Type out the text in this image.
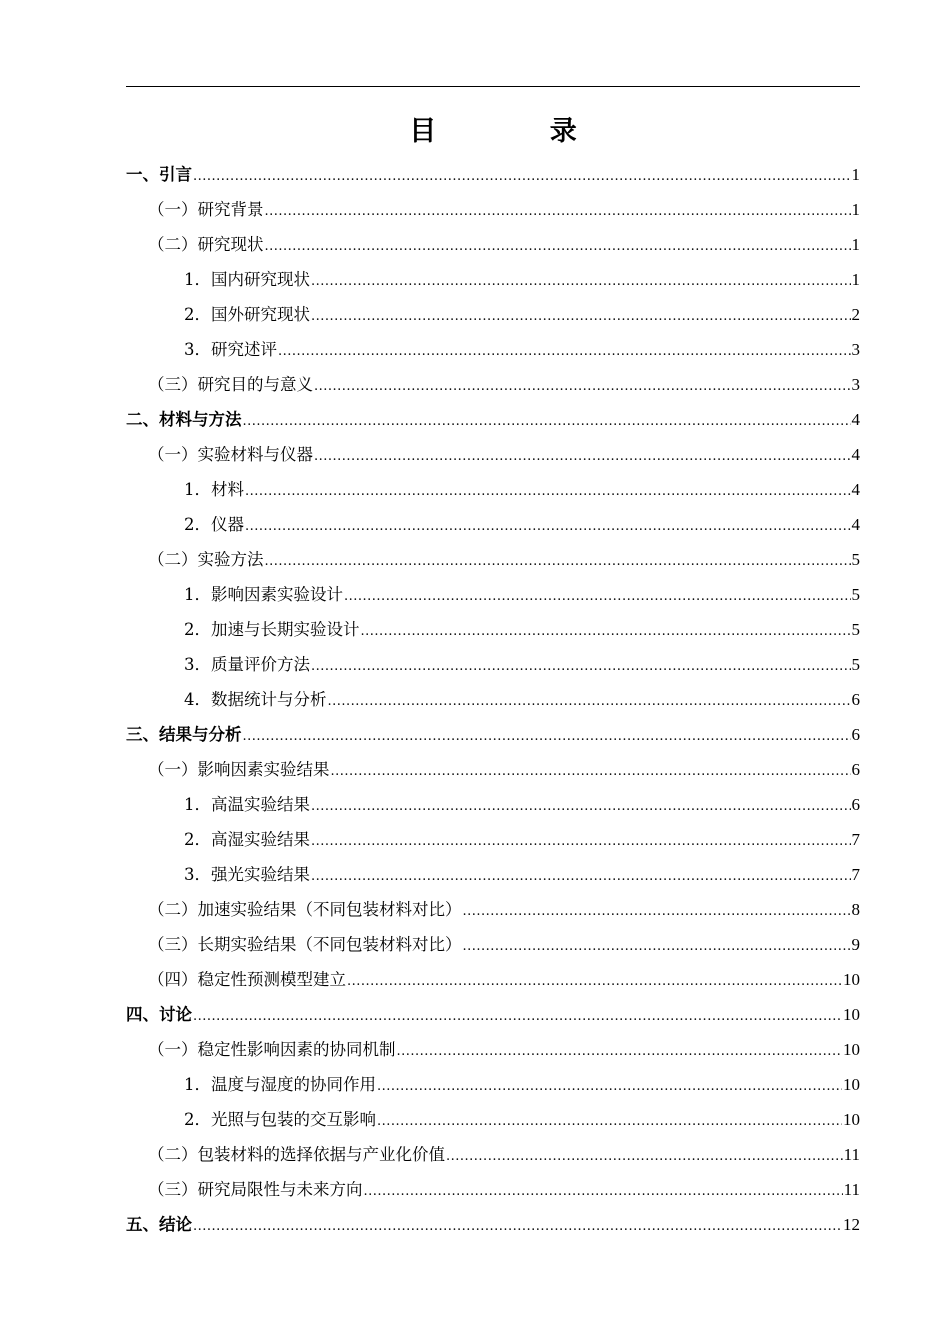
目 录
一、引言 .....	1
（一）研究背景 .....	1
（二）研究现状 .....	1
1．国内研究现状 .....	1
2．国外研究现状 .....	2
3．研究述评 .....	3
（三）研究目的与意义 .....	3
二、材料与方法 .....	4
（一）实验材料与仪器 .....	4
1．材料 .....	4
2．仪器 .....	4
（二）实验方法 .....	5
1．影响因素实验设计 .....	5
2．加速与长期实验设计 .....	5
3．质量评价方法 .....	5
4．数据统计与分析 .....	6
三、结果与分析 .....	6
（一）影响因素实验结果 .....	6
1．高温实验结果 .....	6
2．高湿实验结果 .....	7
3．强光实验结果 .....	7
（二）加速实验结果（不同包装材料对比） .....	8
（三）长期实验结果（不同包装材料对比） .....	9
（四）稳定性预测模型建立 .....	10
四、讨论 .....	10
（一）稳定性影响因素的协同机制 .....	10
1．温度与湿度的协同作用 .....	10
2．光照与包装的交互影响 .....	10
（二）包装材料的选择依据与产业化价值 .....	11
（三）研究局限性与未来方向 .....	11
五、结论 .....	12
